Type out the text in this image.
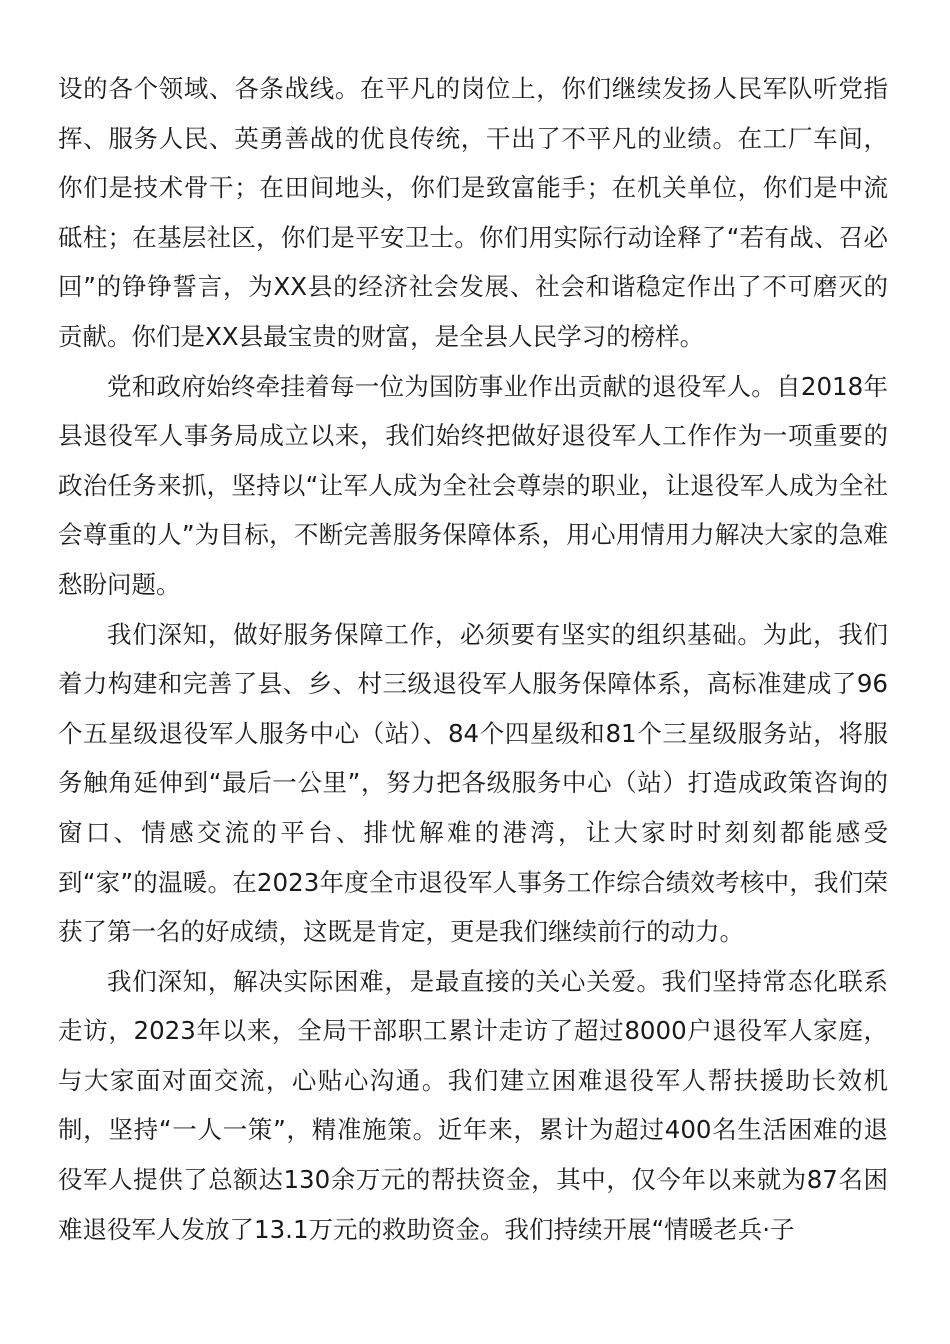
设的各个领域、各条战线。在平凡的岗位上，你们继续发扬人民军队听党指挥、服务人民、英勇善战的优良传统，干出了不平凡的业绩。在工厂车间，你们是技术骨干；在田间地头，你们是致富能手；在机关单位，你们是中流砥柱；在基层社区，你们是平安卫士。你们用实际行动诠释了“若有战、召必回”的铮铮誓言，为XX县的经济社会发展、社会和谐稳定作出了不可磨灭的贡献。你们是XX县最宝贵的财富，是全县人民学习的榜样。

党和政府始终牵挂着每一位为国防事业作出贡献的退役军人。自2018年县退役军人事务局成立以来，我们始终把做好退役军人工作作为一项重要的政治任务来抓，坚持以“让军人成为全社会尊崇的职业，让退役军人成为全社会尊重的人”为目标，不断完善服务保障体系，用心用情用力解决大家的急难愁盼问题。

我们深知，做好服务保障工作，必须要有坚实的组织基础。为此，我们着力构建和完善了县、乡、村三级退役军人服务保障体系，高标准建成了96个五星级退役军人服务中心（站）、84个四星级和81个三星级服务站，将服务触角延伸到“最后一公里”，努力把各级服务中心（站）打造成政策咨询的窗口、情感交流的平台、排忧解难的港湾，让大家时时刻刻都能感受到“家”的温暖。在2023年度全市退役军人事务工作综合绩效考核中，我们荣获了第一名的好成绩，这既是肯定，更是我们继续前行的动力。

我们深知，解决实际困难，是最直接的关心关爱。我们坚持常态化联系走访，2023年以来，全局干部职工累计走访了超过8000户退役军人家庭，与大家面对面交流，心贴心沟通。我们建立困难退役军人帮扶援助长效机制，坚持“一人一策”，精准施策。近年来，累计为超过400名生活困难的退役军人提供了总额达130余万元的帮扶资金，其中，仅今年以来就为87名困难退役军人发放了13.1万元的救助资金。我们持续开展“情暖老兵·子
